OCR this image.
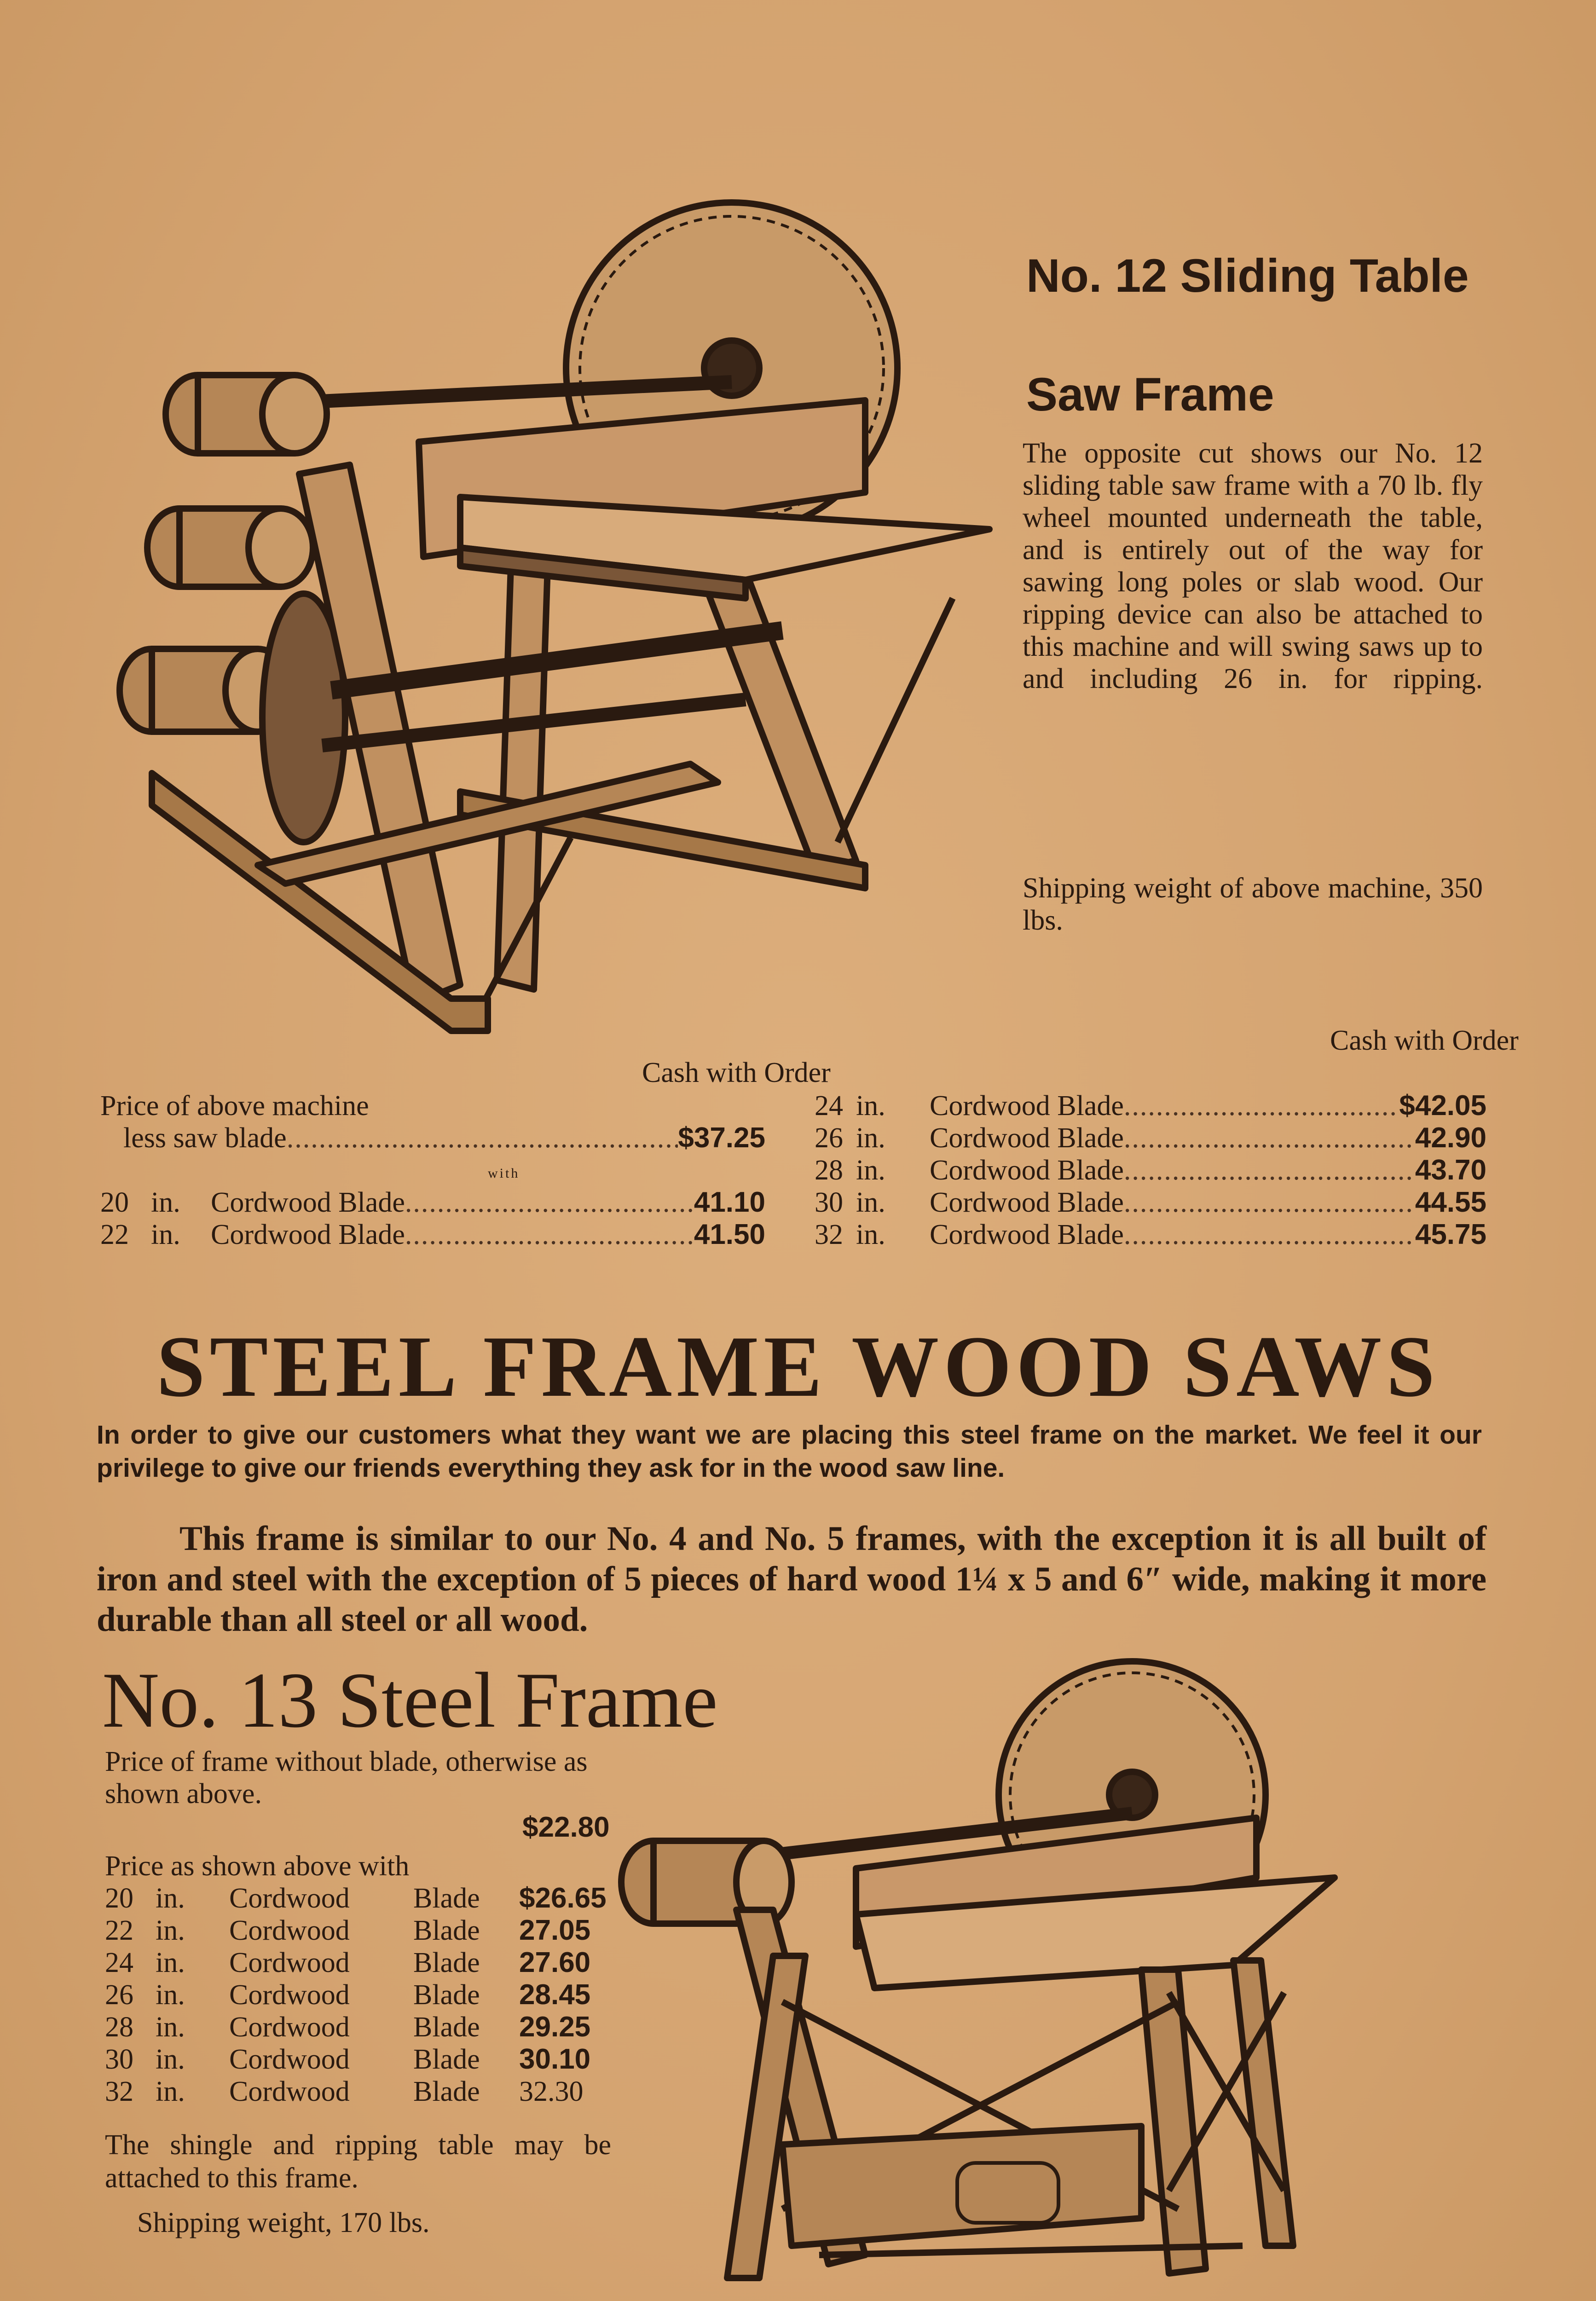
No. 12 Sliding Table Saw Frame

The opposite cut shows our No. 12 sliding table saw frame with a 70 lb. fly wheel mounted underneath the table, and is entirely out of the way for sawing long poles or slab wood. Our ripping device can also be attached to this machine and will swing saws up to and including 26 in. for ripping.

Shipping weight of above machine, 350 lbs.
Cash with Order
Cash with Order
Price of above machine
less saw blade .....	$37.25
with
20 in.	Cordwood Blade .....	41.10
22 in.	Cordwood Blade .....	41.50
24 in.	Cordwood Blade .....	$42.05
26 in.	Cordwood Blade .....	42.90
28 in.	Cordwood Blade .....	43.70
30 in.	Cordwood Blade .....	44.55
32 in.	Cordwood Blade .....	45.75
STEEL FRAME WOOD SAWS
In order to give our customers what they want we are placing this steel frame on the market. We feel it our privilege to give our friends everything they ask for in the wood saw line.
This frame is similar to our No. 4 and No. 5 frames, with the exception it is all built of iron and steel with the exception of 5 pieces of hard wood 1¼ x 5 and 6″ wide, making it more durable than all steel or all wood.
No. 13 Steel Frame
Price of frame without blade, otherwise as shown above.
$22.80
Price as shown above with
20 in.	Cordwood	Blade	$26.65
22 in.	Cordwood	Blade	27.05
24 in.	Cordwood	Blade	27.60
26 in.	Cordwood	Blade	28.45
28 in.	Cordwood	Blade	29.25
30 in.	Cordwood	Blade	30.10
32 in.	Cordwood	Blade	32.30
The shingle and ripping table may be attached to this frame.
Shipping weight, 170 lbs.
